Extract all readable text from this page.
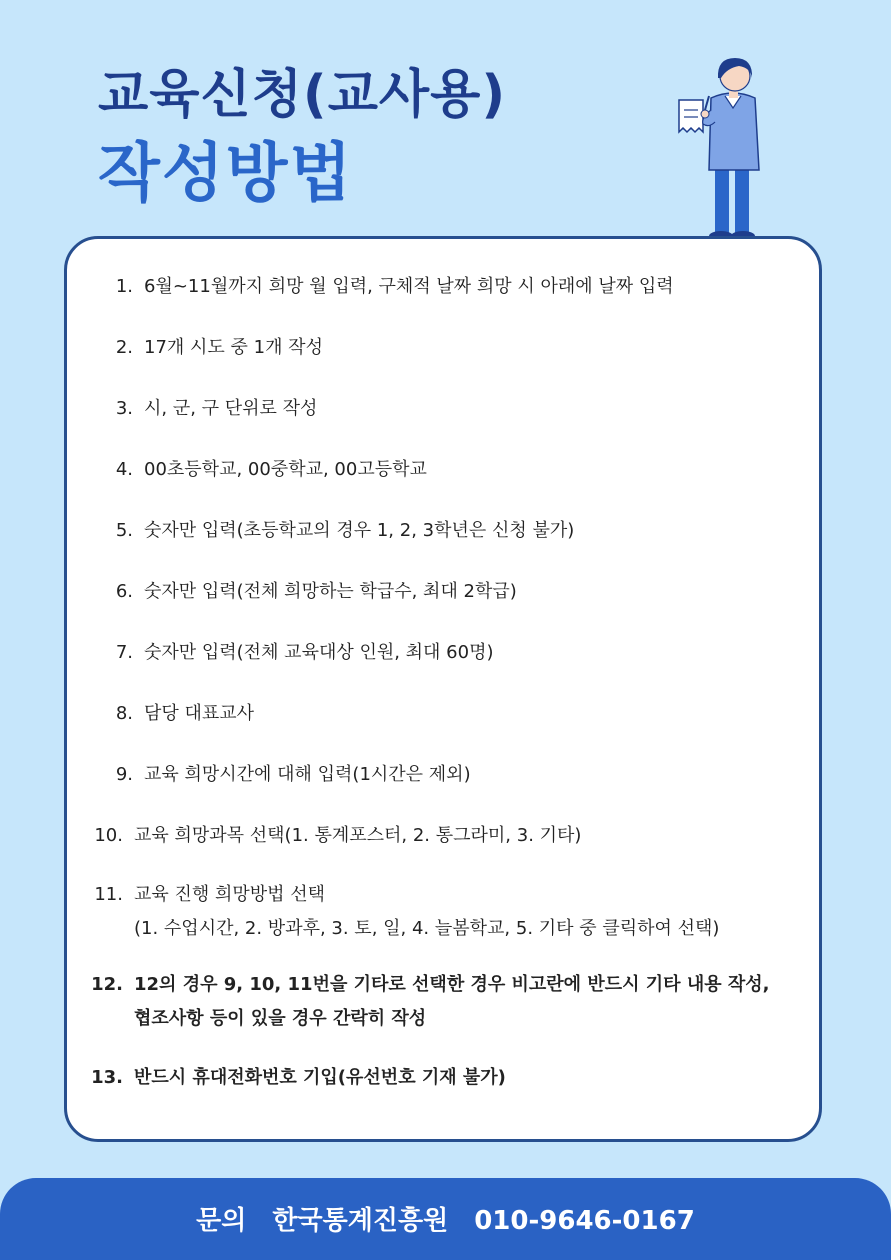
교육신청(교사용)
작성방법
1. 6월~11월까지 희망 월 입력, 구체적 날짜 희망 시 아래에 날짜 입력
2. 17개 시도 중 1개 작성
3. 시, 군, 구 단위로 작성
4. 00초등학교, 00중학교, 00고등학교
5. 숫자만 입력(초등학교의 경우 1, 2, 3학년은 신청 불가)
6. 숫자만 입력(전체 희망하는 학급수, 최대 2학급)
7. 숫자만 입력(전체 교육대상 인원, 최대 60명)
8. 담당 대표교사
9. 교육 희망시간에 대해 입력(1시간은 제외)
10. 교육 희망과목 선택(1. 통계포스터, 2. 통그라미, 3. 기타)
11. 교육 진행 희망방법 선택
(1. 수업시간, 2. 방과후, 3. 토, 일, 4. 늘봄학교, 5. 기타 중 클릭하여 선택)
12. 12의 경우 9, 10, 11번을 기타로 선택한 경우 비고란에 반드시 기타 내용 작성,
협조사항 등이 있을 경우 간락히 작성
13. 반드시 휴대전화번호 기입(유선번호 기재 불가)
문의 한국통계진흥원 010-9646-0167
